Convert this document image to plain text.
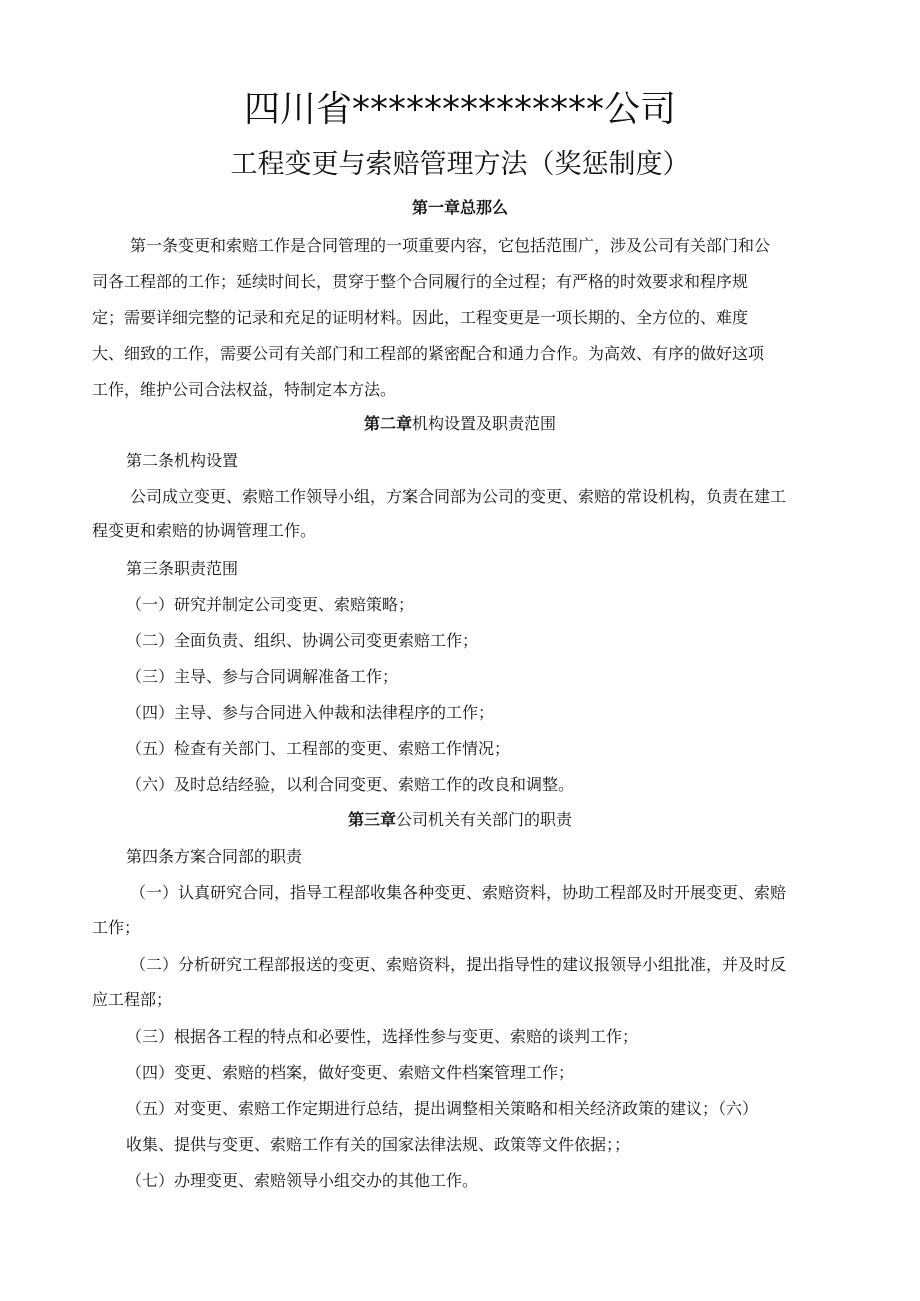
四川省**************公司
工程变更与索赔管理方法（奖惩制度）
第一章总那么
第一条变更和索赔工作是合同管理的一项重要内容，它包括范围广，涉及公司有关部门和公
司各工程部的工作；延续时间长，贯穿于整个合同履行的全过程；有严格的时效要求和程序规
定；需要详细完整的记录和充足的证明材料。因此，工程变更是一项长期的、全方位的、难度
大、细致的工作，需要公司有关部门和工程部的紧密配合和通力合作。为高效、有序的做好这项
工作，维护公司合法权益，特制定本方法。
第二章机构设置及职责范围
第二条机构设置
公司成立变更、索赔工作领导小组，方案合同部为公司的变更、索赔的常设机构，负责在建工
程变更和索赔的协调管理工作。
第三条职责范围
（一）研究并制定公司变更、索赔策略；
（二）全面负责、组织、协调公司变更索赔工作；
（三）主导、参与合同调解准备工作；
（四）主导、参与合同进入仲裁和法律程序的工作；
（五）检查有关部门、工程部的变更、索赔工作情况；
（六）及时总结经验，以利合同变更、索赔工作的改良和调整。
第三章公司机关有关部门的职责
第四条方案合同部的职责
（一）认真研究合同，指导工程部收集各种变更、索赔资料，协助工程部及时开展变更、索赔
工作；
（二）分析研究工程部报送的变更、索赔资料，提出指导性的建议报领导小组批准，并及时反
应工程部；
（三）根据各工程的特点和必要性，选择性参与变更、索赔的谈判工作；
（四）变更、索赔的档案，做好变更、索赔文件档案管理工作；
（五）对变更、索赔工作定期进行总结，提出调整相关策略和相关经济政策的建议；（六）
收集、提供与变更、索赔工作有关的国家法律法规、政策等文件依据；；
（七）办理变更、索赔领导小组交办的其他工作。
